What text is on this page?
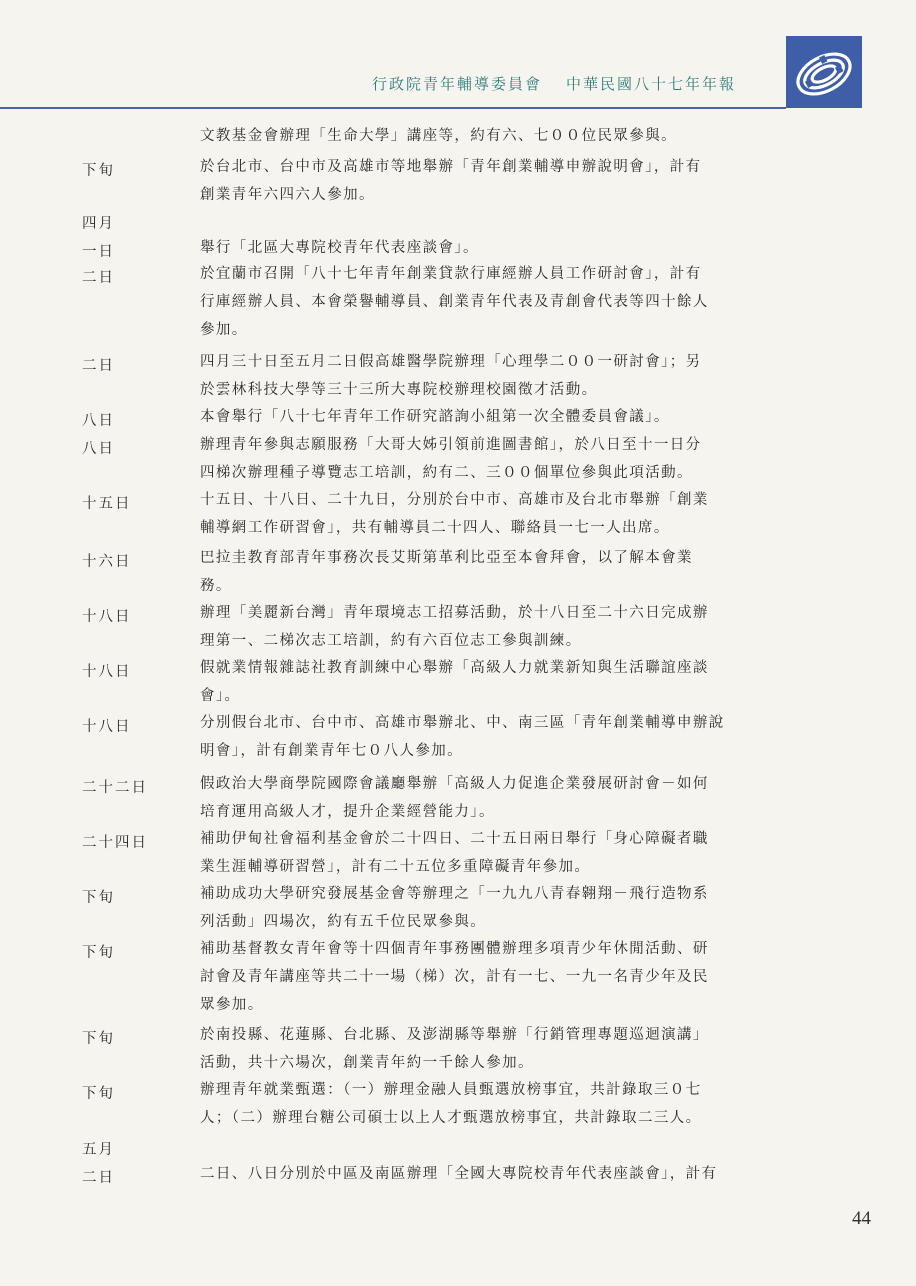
行政院青年輔導委員會 中華民國八十七年年報
文教基金會辦理「生命大學」講座等，約有六、七００位民眾參與。
下旬	於台北市、台中市及高雄市等地舉辦「青年創業輔導申辦說明會」，計有
創業青年六四六人參加。
四月
一日	舉行「北區大專院校青年代表座談會」。
二日	於宜蘭市召開「八十七年青年創業貸款行庫經辦人員工作研討會」，計有
行庫經辦人員、本會榮譽輔導員、創業青年代表及青創會代表等四十餘人
參加。
二日	四月三十日至五月二日假高雄醫學院辦理「心理學二００一研討會」；另
於雲林科技大學等三十三所大專院校辦理校園徵才活動。
八日	本會舉行「八十七年青年工作研究諮詢小組第一次全體委員會議」。
八日	辦理青年參與志願服務「大哥大姊引領前進圖書館」，於八日至十一日分
四梯次辦理種子導覽志工培訓，約有二、三００個單位參與此項活動。
十五日	十五日、十八日、二十九日，分別於台中市、高雄市及台北市舉辦「創業
輔導網工作研習會」，共有輔導員二十四人、聯絡員一七一人出席。
十六日	巴拉圭教育部青年事務次長艾斯第革利比亞至本會拜會，以了解本會業
務。
十八日	辦理「美麗新台灣」青年環境志工招募活動，於十八日至二十六日完成辦
理第一、二梯次志工培訓，約有六百位志工參與訓練。
十八日	假就業情報雜誌社教育訓練中心舉辦「高級人力就業新知與生活聯誼座談
會」。
十八日	分別假台北市、台中市、高雄市舉辦北、中、南三區「青年創業輔導申辦說
明會」，計有創業青年七０八人參加。
二十二日	假政治大學商學院國際會議廳舉辦「高級人力促進企業發展研討會－如何
培育運用高級人才，提升企業經營能力」。
二十四日	補助伊甸社會福利基金會於二十四日、二十五日兩日舉行「身心障礙者職
業生涯輔導研習營」，計有二十五位多重障礙青年參加。
下旬	補助成功大學研究發展基金會等辦理之「一九九八青春翱翔－飛行造物系
列活動」四場次，約有五千位民眾參與。
下旬	補助基督教女青年會等十四個青年事務團體辦理多項青少年休閒活動、研
討會及青年講座等共二十一場（梯）次，計有一七、一九一名青少年及民
眾參加。
下旬	於南投縣、花蓮縣、台北縣、及澎湖縣等舉辦「行銷管理專題巡迴演講」
活動，共十六場次，創業青年約一千餘人參加。
下旬	辦理青年就業甄選：（一）辦理金融人員甄選放榜事宜，共計錄取三０七
人；（二）辦理台糖公司碩士以上人才甄選放榜事宜，共計錄取二三人。
五月
二日	二日、八日分別於中區及南區辦理「全國大專院校青年代表座談會」，計有
44
